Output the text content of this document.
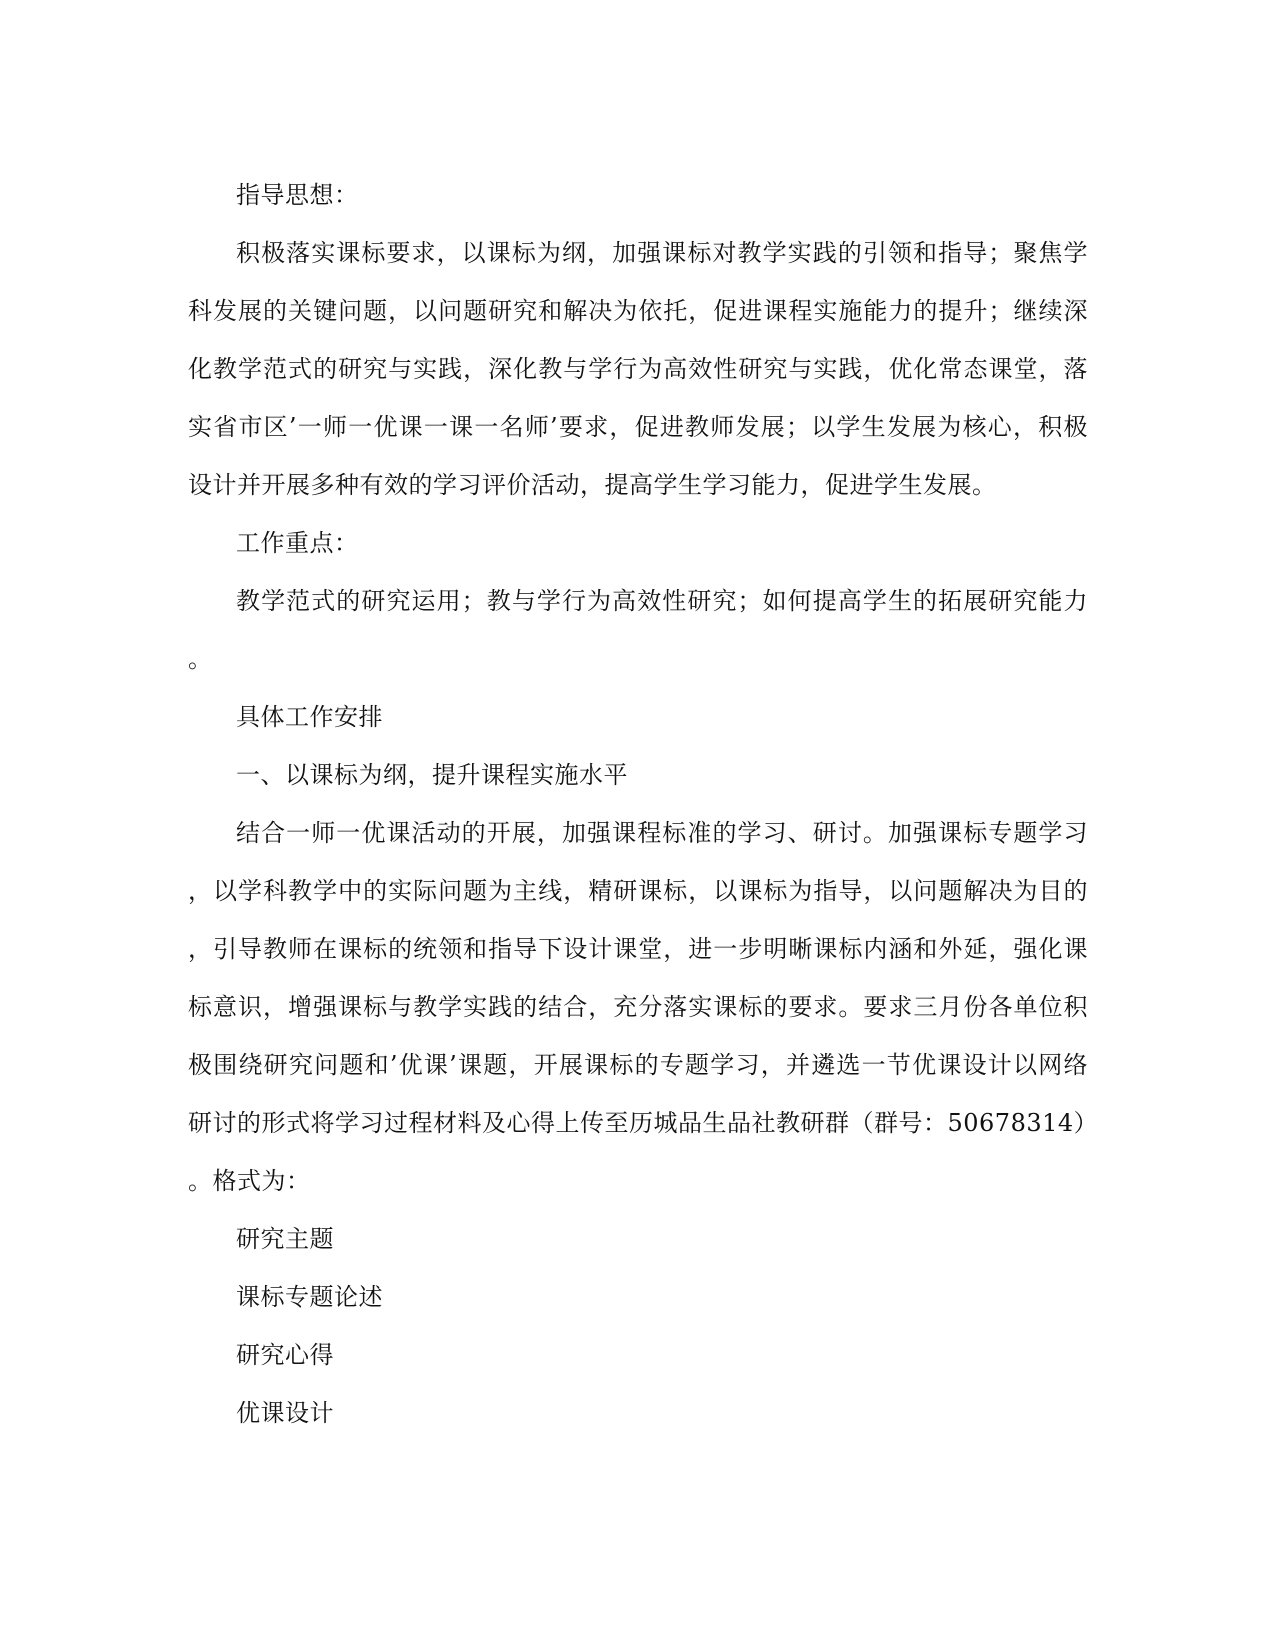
指导思想：
积极落实课标要求，以课标为纲，加强课标对教学实践的引领和指导；聚焦学
科发展的关键问题，以问题研究和解决为依托，促进课程实施能力的提升；继续深
化教学范式的研究与实践，深化教与学行为高效性研究与实践，优化常态课堂，落
实省市区’一师一优课一课一名师’要求，促进教师发展；以学生发展为核心，积极
设计并开展多种有效的学习评价活动，提高学生学习能力，促进学生发展。
工作重点：
教学范式的研究运用；教与学行为高效性研究；如何提高学生的拓展研究能力
。
具体工作安排
一、以课标为纲，提升课程实施水平
结合一师一优课活动的开展，加强课程标准的学习、研讨。加强课标专题学习
，以学科教学中的实际问题为主线，精研课标，以课标为指导，以问题解决为目的
，引导教师在课标的统领和指导下设计课堂，进一步明晰课标内涵和外延，强化课
标意识，增强课标与教学实践的结合，充分落实课标的要求。要求三月份各单位积
极围绕研究问题和’优课’课题，开展课标的专题学习，并遴选一节优课设计以网络
研讨的形式将学习过程材料及心得上传至历城品生品社教研群（群号：50678314）
。格式为：
研究主题
课标专题论述
研究心得
优课设计
